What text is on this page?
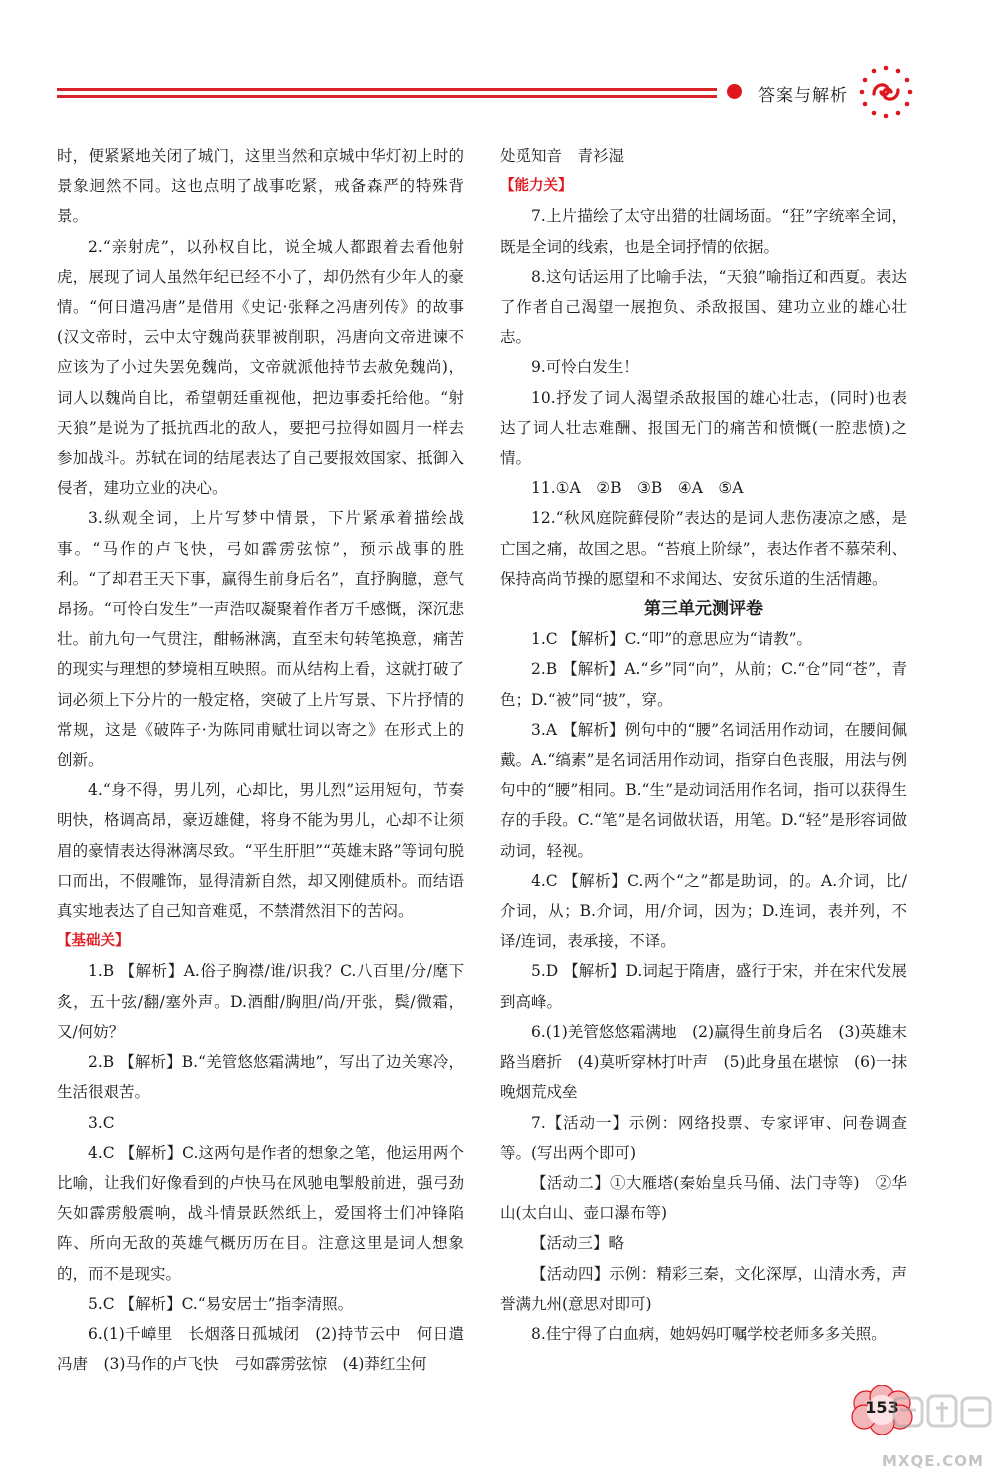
答案与解析

时，便紧紧地关闭了城门，这里当然和京城中华灯初上时的景象迥然不同。这也点明了战事吃紧，戒备森严的特殊背景。

2.“亲射虎”，以孙权自比，说全城人都跟着去看他射虎，展现了词人虽然年纪已经不小了，却仍然有少年人的豪情。“何日遣冯唐”是借用《史记·张释之冯唐列传》的故事(汉文帝时，云中太守魏尚获罪被削职，冯唐向文帝进谏不应该为了小过失罢免魏尚，文帝就派他持节去赦免魏尚)，词人以魏尚自比，希望朝廷重视他，把边事委托给他。“射天狼”是说为了抵抗西北的敌人，要把弓拉得如圆月一样去参加战斗。苏轼在词的结尾表达了自己要报效国家、抵御入侵者，建功立业的决心。

3.纵观全词，上片写梦中情景，下片紧承着描绘战事。“马作的卢飞快，弓如霹雳弦惊”，预示战事的胜利。“了却君王天下事，赢得生前身后名”，直抒胸臆，意气昂扬。“可怜白发生”一声浩叹凝聚着作者万千感慨，深沉悲壮。前九句一气贯注，酣畅淋漓，直至末句转笔换意，痛苦的现实与理想的梦境相互映照。而从结构上看，这就打破了词必须上下分片的一般定格，突破了上片写景、下片抒情的常规，这是《破阵子·为陈同甫赋壮词以寄之》在形式上的创新。

4.“身不得，男儿列，心却比，男儿烈”运用短句，节奏明快，格调高昂，豪迈雄健，将身不能为男儿，心却不让须眉的豪情表达得淋漓尽致。“平生肝胆”“英雄末路”等词句脱口而出，不假雕饰，显得清新自然，却又刚健质朴。而结语真实地表达了自己知音难觅，不禁潸然泪下的苦闷。

【基础关】

1.B 【解析】A.俗子胸襟/谁/识我？C.八百里/分/麾下炙，五十弦/翻/塞外声。D.酒酣/胸胆/尚/开张，鬓/微霜，又/何妨？

2.B 【解析】B.“羌管悠悠霜满地”，写出了边关寒冷，生活很艰苦。

3.C

4.C 【解析】C.这两句是作者的想象之笔，他运用两个比喻，让我们好像看到的卢快马在风驰电掣般前进，强弓劲矢如霹雳般震响，战斗情景跃然纸上，爱国将士们冲锋陷阵、所向无敌的英雄气概历历在目。注意这里是词人想象的，而不是现实。

5.C 【解析】C.“易安居士”指李清照。

6.(1)千嶂里　长烟落日孤城闭　(2)持节云中　何日遣冯唐　(3)马作的卢飞快　弓如霹雳弦惊　(4)莽红尘何

处觅知音　青衫湿

【能力关】

7.上片描绘了太守出猎的壮阔场面。“狂”字统率全词，既是全词的线索，也是全词抒情的依据。

8.这句话运用了比喻手法，“天狼”喻指辽和西夏。表达了作者自己渴望一展抱负、杀敌报国、建功立业的雄心壮志。

9.可怜白发生！

10.抒发了词人渴望杀敌报国的雄心壮志，(同时)也表达了词人壮志难酬、报国无门的痛苦和愤慨(一腔悲愤)之情。

11.①A　②B　③B　④A　⑤A

12.“秋风庭院藓侵阶”表达的是词人悲伤凄凉之感，是亡国之痛，故国之思。“苔痕上阶绿”，表达作者不慕荣利、保持高尚节操的愿望和不求闻达、安贫乐道的生活情趣。

第三单元测评卷

1.C 【解析】C.“叩”的意思应为“请教”。

2.B 【解析】A.“乡”同“向”，从前；C.“仓”同“苍”，青色；D.“被”同“披”，穿。

3.A 【解析】例句中的“腰”名词活用作动词，在腰间佩戴。A.“缟素”是名词活用作动词，指穿白色丧服，用法与例句中的“腰”相同。B.“生”是动词活用作名词，指可以获得生存的手段。C.“笔”是名词做状语，用笔。D.“轻”是形容词做动词，轻视。

4.C 【解析】C.两个“之”都是助词，的。A.介词，比/介词，从；B.介词，用/介词，因为；D.连词，表并列，不译/连词，表承接，不译。

5.D 【解析】D.词起于隋唐，盛行于宋，并在宋代发展到高峰。

6.(1)羌管悠悠霜满地　(2)赢得生前身后名　(3)英雄末路当磨折　(4)莫听穿林打叶声　(5)此身虽在堪惊　(6)一抹晚烟荒戍垒

7.【活动一】示例：网络投票、专家评审、问卷调查等。(写出两个即可)

【活动二】①大雁塔(秦始皇兵马俑、法门寺等)　②华山(太白山、壶口瀑布等)

【活动三】略

【活动四】示例：精彩三秦，文化深厚，山清水秀，声誉满九州(意思对即可)

8.佳宁得了白血病，她妈妈叮嘱学校老师多多关照。

153
MXQE.COM
